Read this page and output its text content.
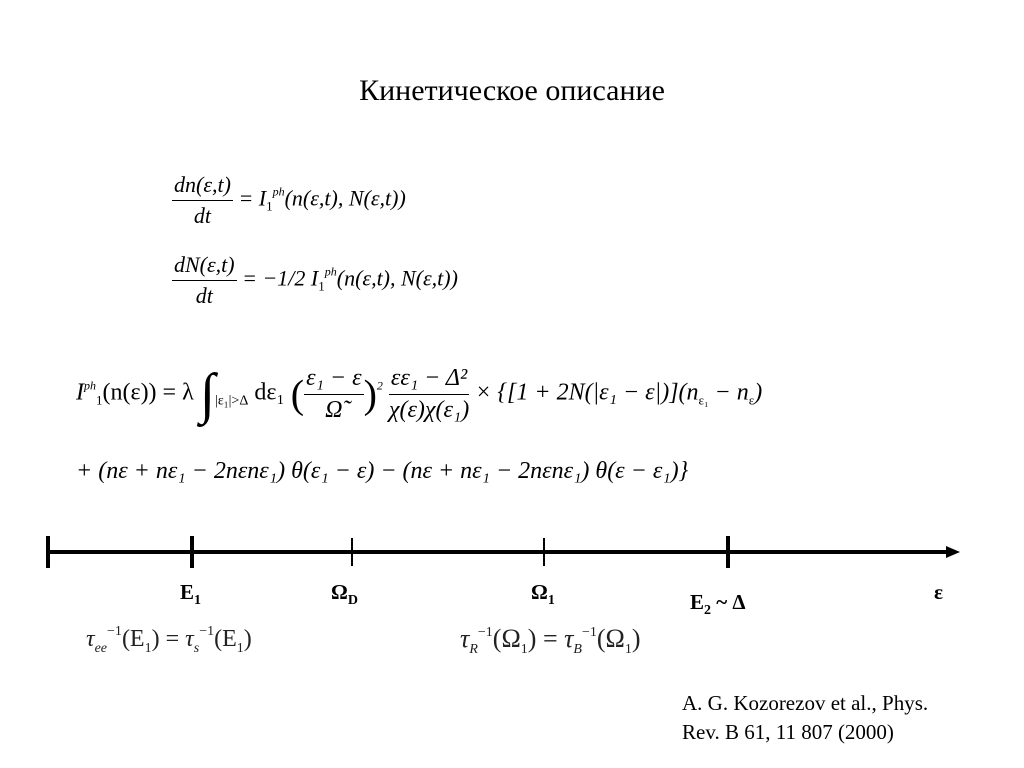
Кинетическое описание
$\frac{dn(\varepsilon,t)}{dt} = I_1^{ph}(n(\varepsilon,t)$, N(ε,t))
$\frac{dN(\varepsilon,t)}{dt} = -1/2$ $I_1^{ph}(n(\varepsilon,t)$, N(ε,t))
$I^{ph}_1(n(\varepsilon)) = \lambda$ $\int_{|\varepsilon_1|>\Delta}$ dε₁ ( $\frac{\text{ε₁ − ε}}{\Omegã} )^2 \frac{\text{εε₁ − Δ²}}{\text{χ(ε)χ(ε₁)}} \times \{[1 + 2N(|\varepsilon_1 - \varepsilon|)](n_{\varepsilon_1} - n_\varepsilon)$
+ (nε + nε₁ − 2nεnε₁) θ(ε₁ − ε) − (nε + nε₁ − 2nεnε₁) θ(ε − ε₁)}
$E_1$	$\Omega_D$	$\Omega_1$	$E_2$ ~ Δ	ε
$\tau_{ee}^{-1}(E_1) = \tau_s^{-1}(E_1)$	$\tau_R^{-1}(\Omega_1) = \tau_B^{-1}(\Omega_1)$
A. G. Kozorezov et al., Phys.
Rev. B 61, 11 807 (2000)
